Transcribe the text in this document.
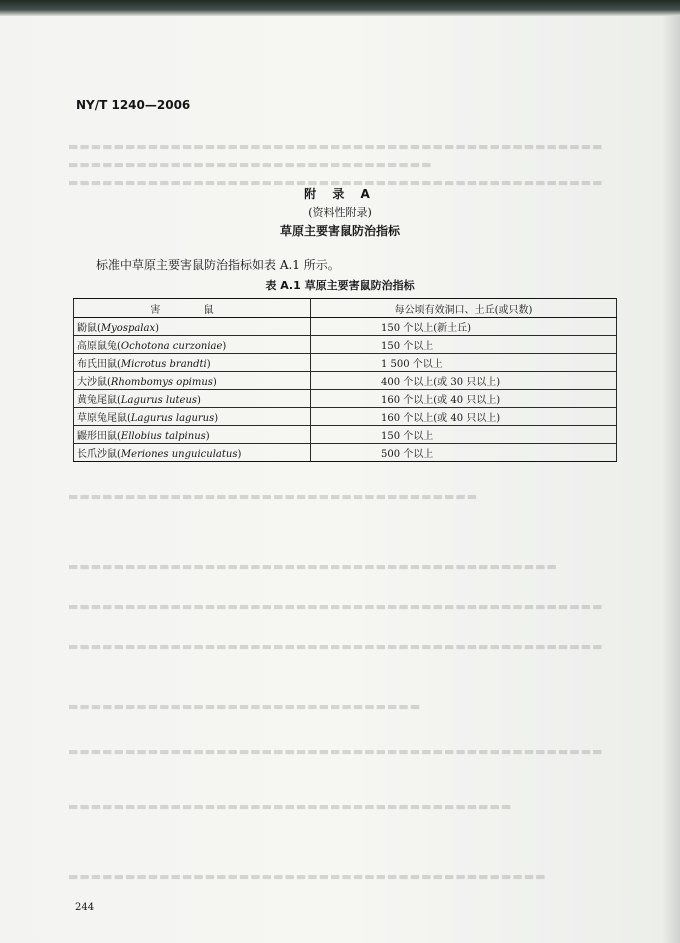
▬▬▬▬▬▬▬▬▬▬▬▬▬▬▬▬▬▬▬▬▬▬▬▬▬▬▬▬▬▬▬▬▬▬▬▬▬▬▬▬▬▬▬▬▬▬▬
▬▬▬▬▬▬▬▬▬▬▬▬▬▬▬▬▬▬▬▬▬▬▬▬▬▬▬▬▬▬▬▬
▬▬▬▬▬▬▬▬▬▬▬▬▬▬▬▬▬▬▬▬▬▬▬▬▬▬▬▬▬▬▬▬▬▬▬▬▬▬▬▬▬▬▬▬▬▬▬
▬▬▬▬▬▬▬▬▬▬▬▬▬▬▬▬▬▬▬▬▬▬▬▬▬▬▬▬▬▬▬▬▬▬▬▬
▬▬▬▬▬▬▬▬▬▬▬▬▬▬▬▬▬▬▬▬▬▬▬▬▬▬▬▬▬▬▬▬▬▬▬▬▬▬▬▬▬▬▬
▬▬▬▬▬▬▬▬▬▬▬▬▬▬▬▬▬▬▬▬▬▬▬▬▬▬▬▬▬▬▬▬▬▬▬▬▬▬▬▬▬▬▬▬▬▬▬
▬▬▬▬▬▬▬▬▬▬▬▬▬▬▬▬▬▬▬▬▬▬▬▬▬▬▬▬▬▬▬▬▬▬▬▬▬▬▬▬▬▬▬▬▬▬▬
▬▬▬▬▬▬▬▬▬▬▬▬▬▬▬▬▬▬▬▬▬▬▬▬▬▬▬▬▬▬▬
▬▬▬▬▬▬▬▬▬▬▬▬▬▬▬▬▬▬▬▬▬▬▬▬▬▬▬▬▬▬▬▬▬▬▬▬▬▬▬▬▬▬▬▬▬▬▬
▬▬▬▬▬▬▬▬▬▬▬▬▬▬▬▬▬▬▬▬▬▬▬▬▬▬▬▬▬▬▬▬▬▬▬▬▬▬▬
▬▬▬▬▬▬▬▬▬▬▬▬▬▬▬▬▬▬▬▬▬▬▬▬▬▬▬▬▬▬▬▬▬▬▬▬▬▬▬▬▬▬
NY/T 1240—2006
附 录 A
(资料性附录)
草原主要害鼠防治指标
标准中草原主要害鼠防治指标如表 A.1 所示。
表 A.1 草原主要害鼠防治指标
害 鼠	每公顷有效洞口、土丘(或只数)
鼢鼠(Myospalax)	150 个以上(新土丘)
高原鼠兔(Ochotona curzoniae)	150 个以上
布氏田鼠(Microtus brandti)	1 500 个以上
大沙鼠(Rhombomys opimus)	400 个以上(或 30 只以上)
黄兔尾鼠(Lagurus luteus)	160 个以上(或 40 只以上)
草原兔尾鼠(Lagurus lagurus)	160 个以上(或 40 只以上)
鼹形田鼠(Ellobius talpinus)	150 个以上
长爪沙鼠(Meriones unguiculatus)	500 个以上
244
